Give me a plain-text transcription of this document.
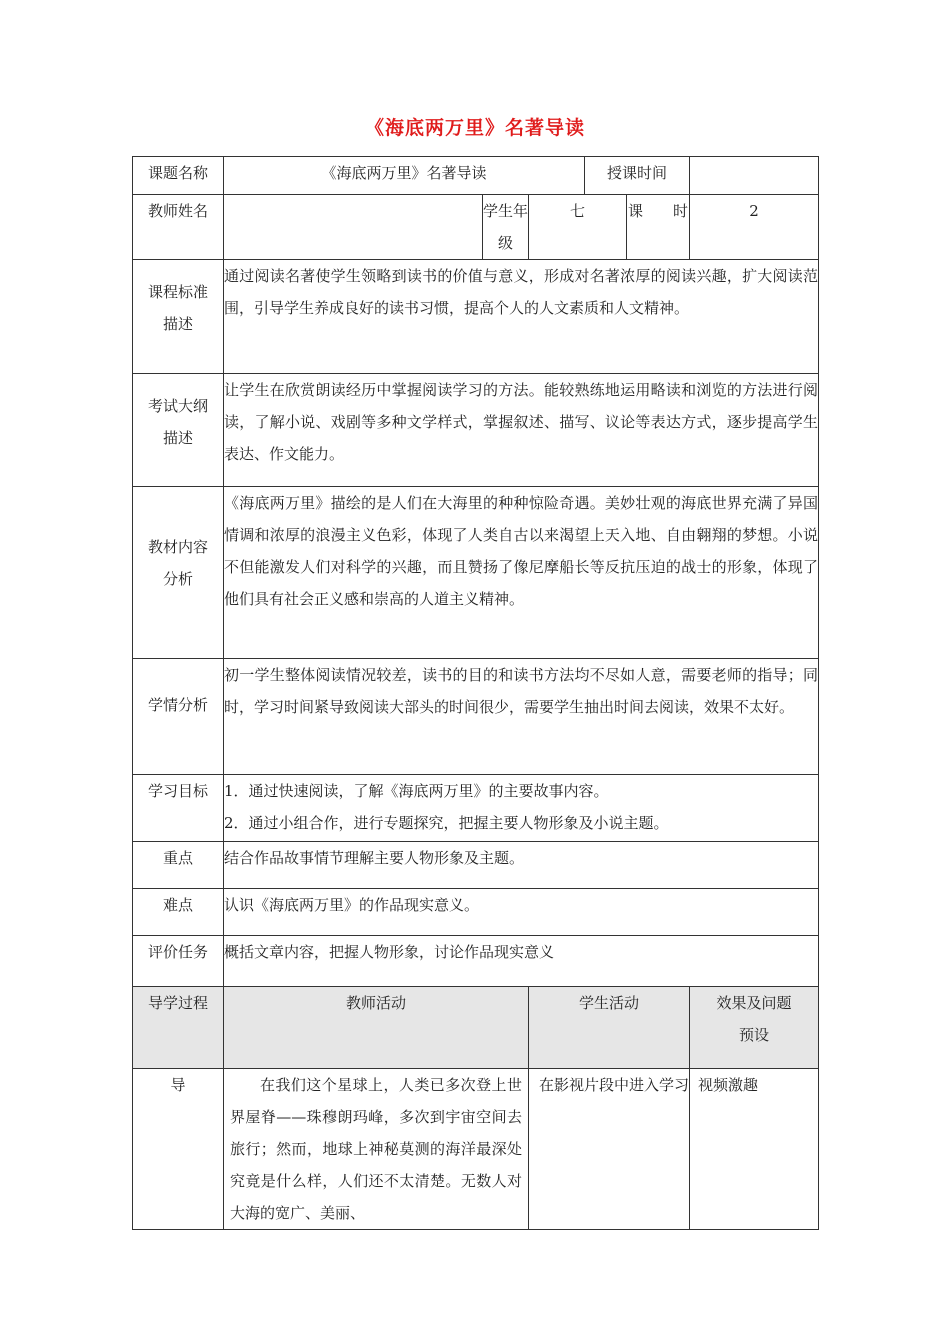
《海底两万里》名著导读
课题名称	《海底两万里》名著导读			授课时间		
教师姓名		学生年级	七		课　　时	2

课程标准描述	通过阅读名著使学生领略到读书的价值与意义，形成对名著浓厚的阅读兴趣，扩大阅读范围，引导学生养成良好的读书习惯，提高个人的人文素质和人文精神。					

考试大纲描述	让学生在欣赏朗读经历中掌握阅读学习的方法。能较熟练地运用略读和浏览的方法进行阅读，了解小说、戏剧等多种文学样式，掌握叙述、描写、议论等表达方式，逐步提高学生表达、作文能力。					

教材内容分析	《海底两万里》描绘的是人们在大海里的种种惊险奇遇。美妙壮观的海底世界充满了异国情调和浓厚的浪漫主义色彩，体现了人类自古以来渴望上天入地、自由翱翔的梦想。小说不但能激发人们对科学的兴趣，而且赞扬了像尼摩船长等反抗压迫的战士的形象，体现了他们具有社会正义感和崇高的人道主义精神。					
学情分析	初一学生整体阅读情况较差，读书的目的和读书方法均不尽如人意，需要老师的指导；同时，学习时间紧导致阅读大部头的时间很少，需要学生抽出时间去阅读，效果不太好。					
学习目标	1．通过快速阅读，了解《海底两万里》的主要故事内容。
2．通过小组合作，进行专题探究，把握主要人物形象及小说主题。					

重点	结合作品故事情节理解主要人物形象及主题。					
难点	认识《海底两万里》的作品现实意义。					
评价任务	概括文章内容，把握人物形象，讨论作品现实意义					
导学过程	教师活动		学生活动			效果及问题预设

导	在我们这个星球上，人类已多次登上世界屋脊——珠穆朗玛峰，多次到宇宙空间去旅行；然而，地球上神秘莫测的海洋最深处究竟是什么样，人们还不太清楚。无数人对大海的宽广、美丽、		在影视片段中进入学习			视频激趣
